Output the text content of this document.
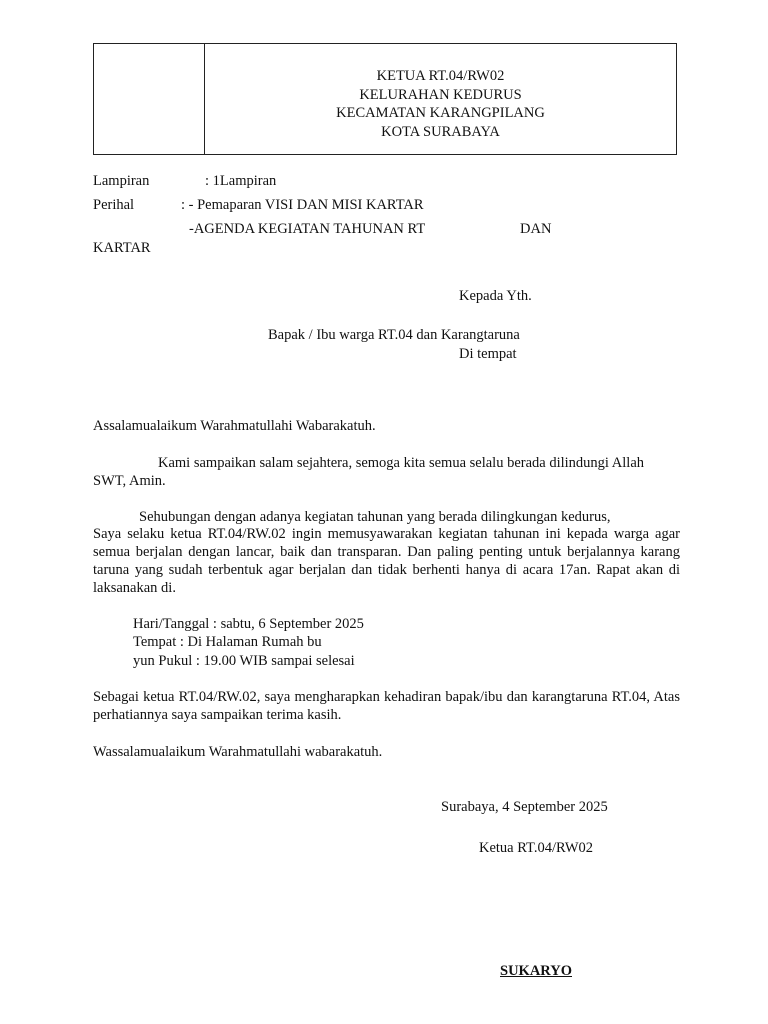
KETUA RT.04/RW02
KELURAHAN KEDURUS
KECAMATAN KARANGPILANG
KOTA SURABAYA
Lampiran	: 1Lampiran
Perihal	: - Pemaparan VISI DAN MISI KARTAR
-AGENDA KEGIATAN TAHUNAN RT	DAN
KARTAR
Kepada Yth.
Bapak / Ibu warga RT.04 dan Karangtaruna
Di tempat
Assalamualaikum Warahmatullahi Wabarakatuh.
Kami sampaikan salam sejahtera, semoga kita semua selalu berada dilindungi Allah
SWT, Amin.
Sehubungan dengan adanya kegiatan tahunan yang berada dilingkungan kedurus,
Saya selaku ketua RT.04/RW.02 ingin memusyawarakan kegiatan tahunan ini kepada warga agar semua berjalan dengan lancar, baik dan transparan. Dan paling penting untuk berjalannya karang taruna yang sudah terbentuk agar berjalan dan tidak berhenti hanya di acara 17an. Rapat akan di laksanakan di.
Hari/Tanggal : sabtu, 6 September 2025
Tempat : Di Halaman Rumah bu
yun Pukul : 19.00 WIB sampai selesai
Sebagai ketua RT.04/RW.02, saya mengharapkan kehadiran bapak/ibu dan karangtaruna RT.04, Atas perhatiannya saya sampaikan terima kasih.
Wassalamualaikum Warahmatullahi wabarakatuh.
Surabaya, 4 September 2025
Ketua RT.04/RW02
SUKARYO
